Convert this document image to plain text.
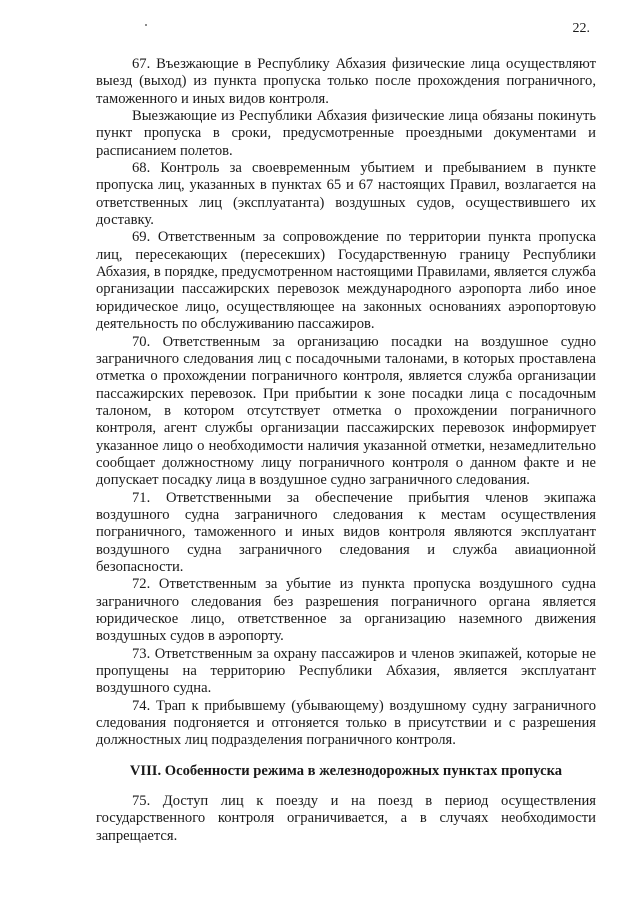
22.

67. Въезжающие в Республику Абхазия физические лица осуществляют выезд (выход) из пункта пропуска только после прохождения пограничного, таможенного и иных видов контроля.

Выезжающие из Республики Абхазия физические лица обязаны покинуть пункт пропуска в сроки, предусмотренные проездными документами и расписанием полетов.

68. Контроль за своевременным убытием и пребыванием в пункте пропуска лиц, указанных в пунктах 65 и 67 настоящих Правил, возлагается на ответственных лиц (эксплуатанта) воздушных судов, осуществившего их доставку.

69. Ответственным за сопровождение по территории пункта пропуска лиц, пересекающих (пересекших) Государственную границу Республики Абхазия, в порядке, предусмотренном настоящими Правилами, является служба организации пассажирских перевозок международного аэропорта либо иное юридическое лицо, осуществляющее на законных основаниях аэропортовую деятельность по обслуживанию пассажиров.

70. Ответственным за организацию посадки на воздушное судно заграничного следования лиц с посадочными талонами, в которых проставлена отметка о прохождении пограничного контроля, является служба организации пассажирских перевозок. При прибытии к зоне посадки лица с посадочным талоном, в котором отсутствует отметка о прохождении пограничного контроля, агент службы организации пассажирских перевозок информирует указанное лицо о необходимости наличия указанной отметки, незамедлительно сообщает должностному лицу пограничного контроля о данном факте и не допускает посадку лица в воздушное судно заграничного следования.

71. Ответственными за обеспечение прибытия членов экипажа воздушного судна заграничного следования к местам осуществления пограничного, таможенного и иных видов контроля являются эксплуатант воздушного судна заграничного следования и служба авиационной безопасности.

72. Ответственным за убытие из пункта пропуска воздушного судна заграничного следования без разрешения пограничного органа является юридическое лицо, ответственное за организацию наземного движения воздушных судов в аэропорту.

73. Ответственным за охрану пассажиров и членов экипажей, которые не пропущены на территорию Республики Абхазия, является эксплуатант воздушного судна.

74. Трап к прибывшему (убывающему) воздушному судну заграничного следования подгоняется и отгоняется только в присутствии и с разрешения должностных лиц подразделения пограничного контроля.

VIII. Особенности режима в железнодорожных пунктах пропуска

75. Доступ лиц к поезду и на поезд в период осуществления государственного контроля ограничивается, а в случаях необходимости запрещается.
